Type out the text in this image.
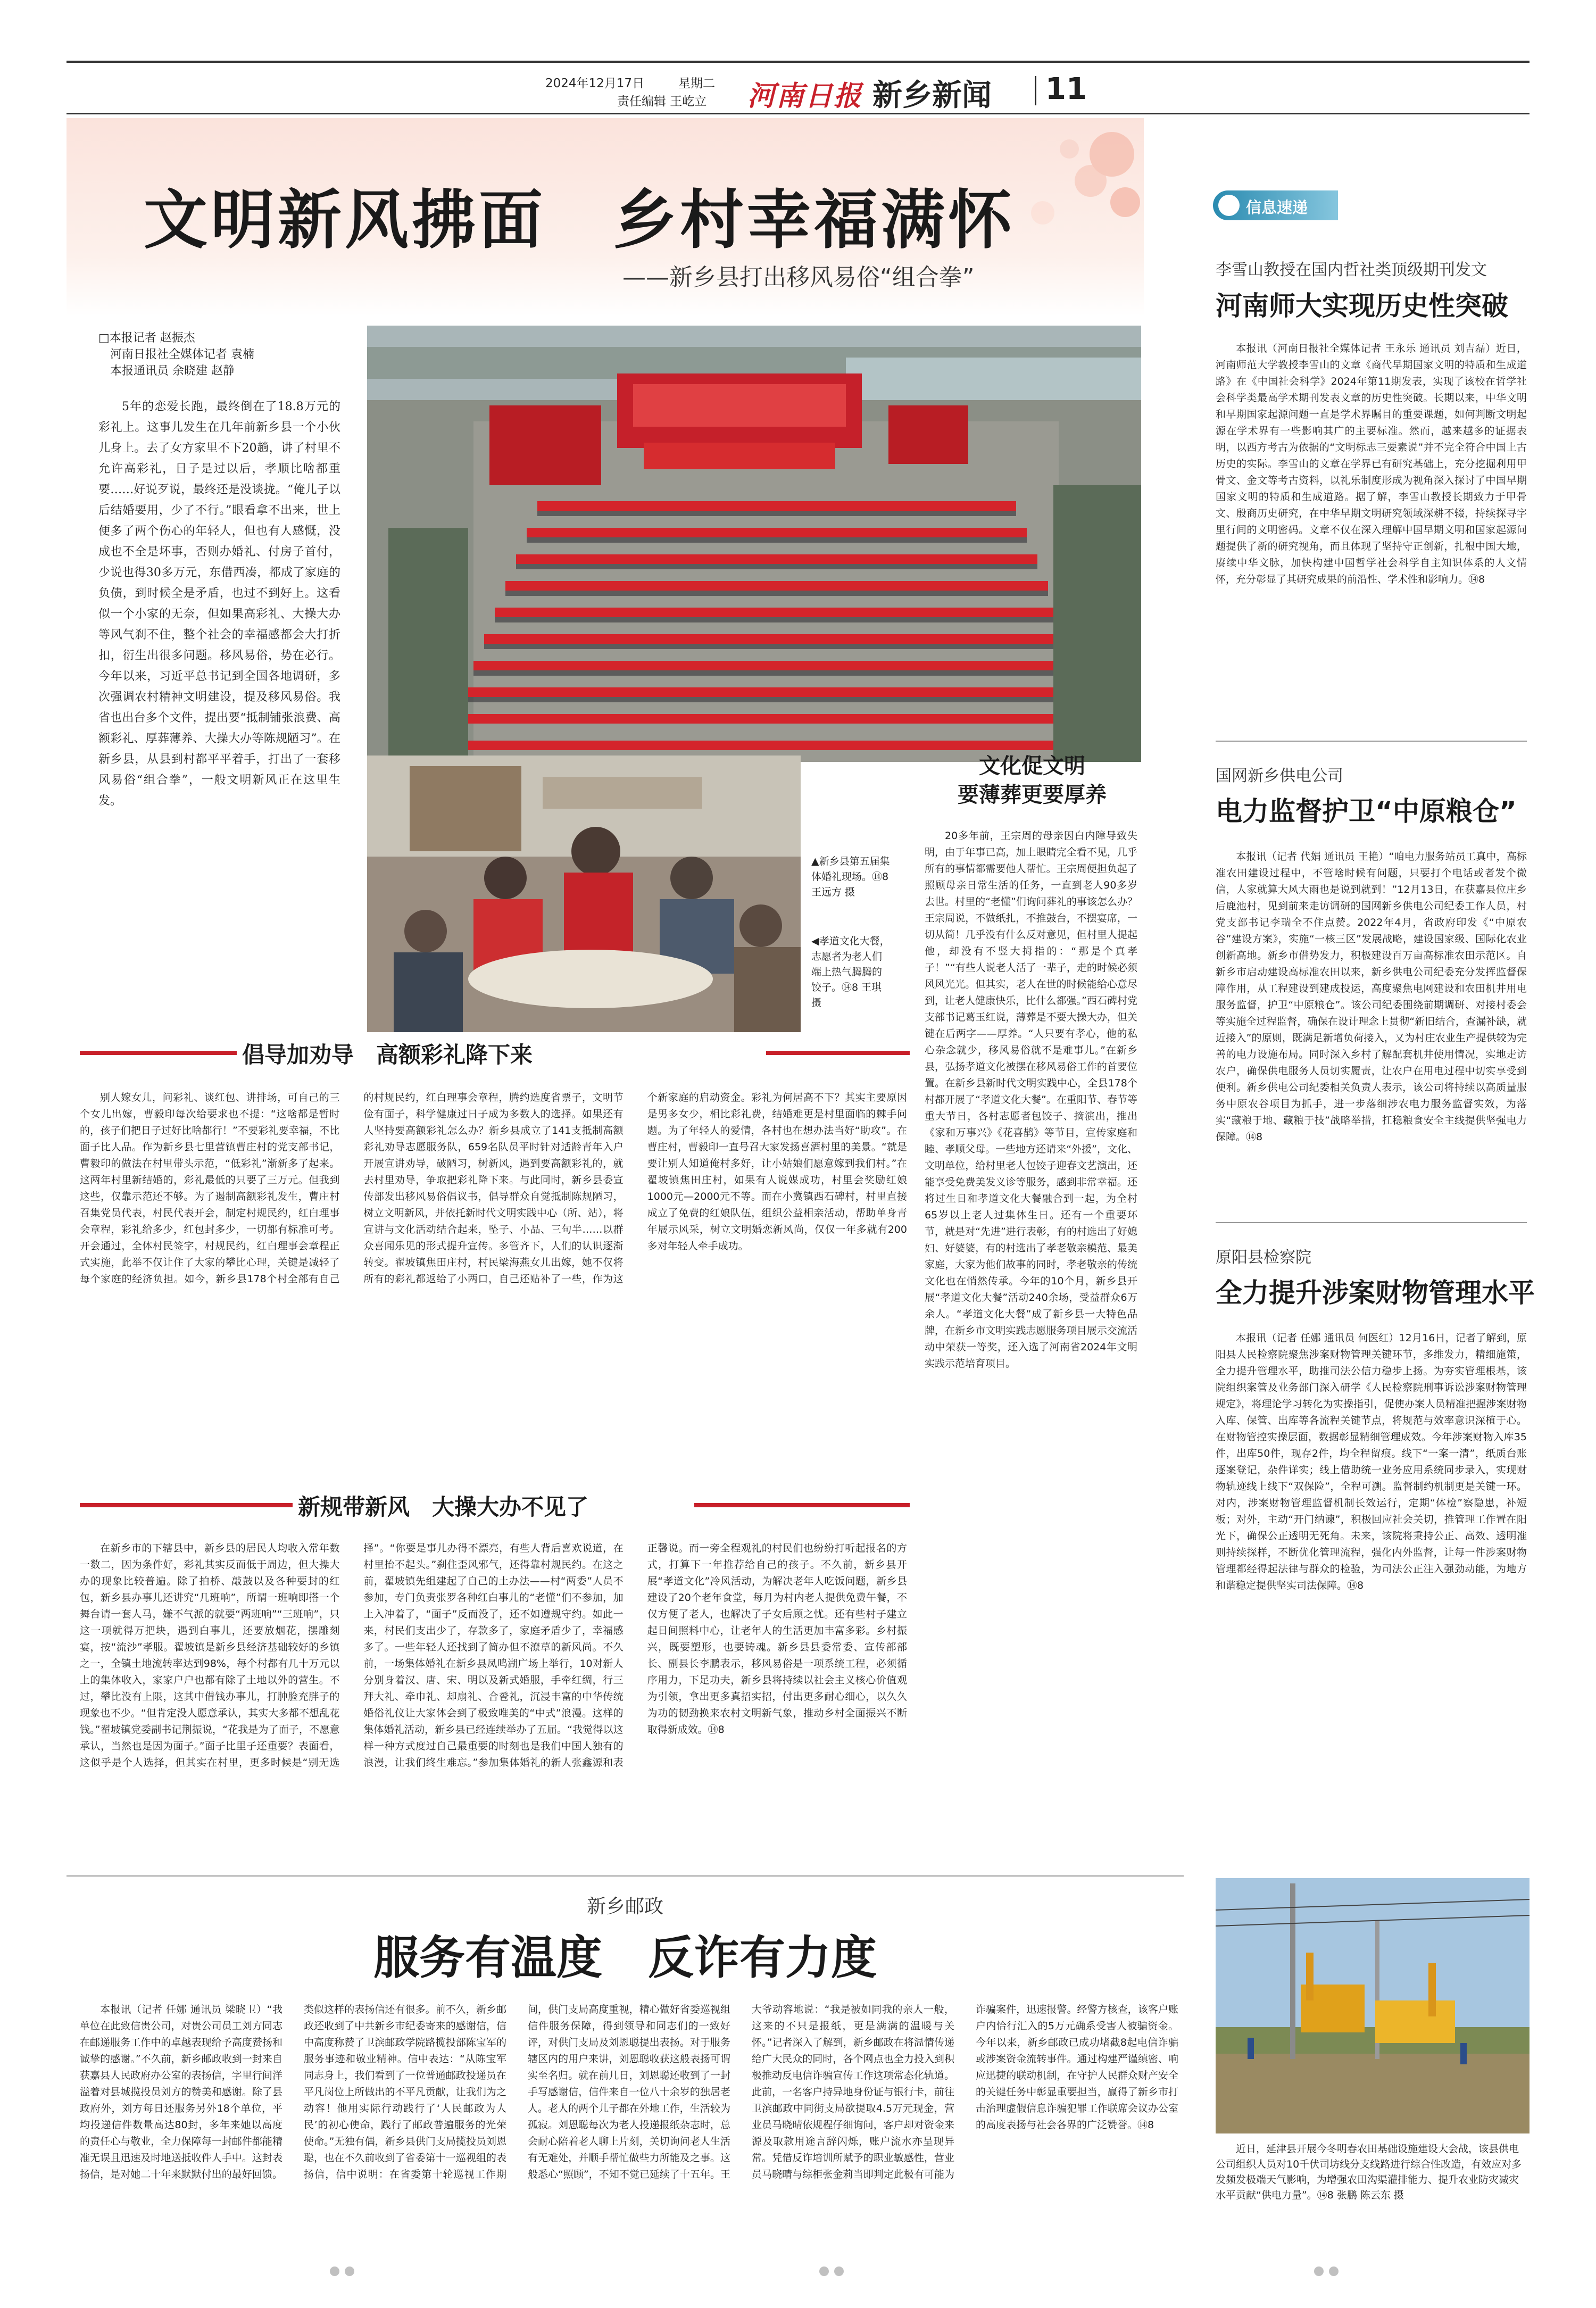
2024年12月17日	星期二
责任编辑 王屹立 河南日报 新乡新闻 11
文明新风拂面　乡村幸福满怀
——新乡县打出移风易俗“组合拳”
□本报记者 赵振杰
河南日报社全媒体记者 袁楠
本报通讯员 余晓建 赵静
5年的恋爱长跑，最终倒在了18.8万元的彩礼上。这事儿发生在几年前新乡县一个小伙儿身上。去了女方家里不下20趟，讲了村里不允许高彩礼，日子是过以后，孝顺比啥都重要……好说歹说，最终还是没谈拢。“俺儿子以后结婚要用，少了不行。”眼看拿不出来，世上便多了两个伤心的年轻人，但也有人感慨，没成也不全是坏事，否则办婚礼、付房子首付，少说也得30多万元，东借西凑，都成了家庭的负债，到时候全是矛盾，也过不到好上。这看似一个小家的无奈，但如果高彩礼、大操大办等风气刹不住，整个社会的幸福感都会大打折扣，衍生出很多问题。移风易俗，势在必行。今年以来，习近平总书记到全国各地调研，多次强调农村精神文明建设，提及移风易俗。我省也出台多个文件，提出要“抵制铺张浪费、高额彩礼、厚葬薄养、大操大办等陈规陋习”。在新乡县，从县到村都平平着手，打出了一套移风易俗“组合拳”，一般文明新风正在这里生发。
▲新乡县第五届集体婚礼现场。⑭8 王远方 摄
◀孝道文化大餐，志愿者为老人们端上热气腾腾的饺子。⑭8 王琪 摄
文化促文明
要薄葬更要厚养
20多年前，王宗周的母亲因白内障导致失明，由于年事已高，加上眼睛完全看不见，几乎所有的事情都需要他人帮忙。王宗周便担负起了照顾母亲日常生活的任务，一直到老人90多岁去世。村里的“老懂”们询问葬礼的事该怎么办？王宗周说，不做纸扎，不推鼓台，不摆宴席，一切从简！几乎没有什么反对意见，但村里人提起他，却没有不竖大拇指的：“那是个真孝子！”“有些人说老人活了一辈子，走的时候必须风风光光。但其实，老人在世的时候能给心意尽到，让老人健康快乐，比什么都强。”西石碑村党支部书记葛玉红说，薄葬是不要大操大办，但关键在后两字——厚养。“人只要有孝心，他的私心杂念就少，移风易俗就不是难事儿。”在新乡县，弘扬孝道文化被摆在移风易俗工作的首要位置。在新乡县新时代文明实践中心，全县178个村都开展了“孝道文化大餐”。在重阳节、春节等重大节日，各村志愿者包饺子、摘演出，推出《家和万事兴》《花喜鹊》等节目，宣传家庭和睦、孝顺父母。一些地方还请来“外援”，文化、文明单位，给村里老人包饺子迎春文艺演出，还能享受免费美发义诊等服务，感到非常幸福。还将过生日和孝道文化大餐融合到一起，为全村65岁以上老人过集体生日。还有一个重要环节，就是对“先进”进行表彰，有的村选出了好媳妇、好婆婆，有的村选出了孝老敬亲模范、最美家庭，大家为他们故事的同时，孝老敬亲的传统文化也在悄然传承。今年的10个月，新乡县开展“孝道文化大餐”活动240余场，受益群众6万余人。“孝道文化大餐”成了新乡县一大特色品牌，在新乡市文明实践志愿服务项目展示交流活动中荣获一等奖，还入选了河南省2024年文明实践示范培育项目。
倡导加劝导　高额彩礼降下来
别人嫁女儿，问彩礼、谈红包、讲排场，可自己的三个女儿出嫁，曹毅印每次给要求也不提：“这啥都是暂时的，孩子们把日子过好比啥都行！”不要彩礼要幸福，不比面子比人品。作为新乡县七里营镇曹庄村的党支部书记，曹毅印的做法在村里带头示范，“低彩礼”渐新多了起来。这两年村里新结婚的，彩礼最低的只要了三万元。但我到这些，仅靠示范还不够。为了遏制高额彩礼发生，曹庄村召集党员代表，村民代表开会，制定村规民约，红白理事会章程，彩礼给多少，红包封多少，一切都有标准可考。开会通过，全体村民签字，村规民约，红白理事会章程正式实施，此举不仅让住了大家的攀比心理，关键是减轻了每个家庭的经济负担。如今，新乡县178个村全部有自己的村规民约，红白理事会章程，腾约选度省票子，文明节俭有面子，科学健康过日子成为多数人的选择。如果还有人坚持要高额彩礼怎么办？新乡县成立了141支抵制高额彩礼劝导志愿服务队，659名队员平时针对适龄青年入户开展宣讲劝导，破陋习，树新风，遇到要高额彩礼的，就去村里劝导，争取把彩礼降下来。与此同时，新乡县委宣传部发出移风易俗倡议书，倡导群众自觉抵制陈规陋习，树立文明新风，并依托新时代文明实践中心（所、站），将宣讲与文化活动结合起来，坠子、小品、三句半……以群众喜闻乐见的形式提升宣传。多管齐下，人们的认识逐渐转变。翟坡镇焦田庄村，村民梁海燕女儿出嫁，她不仅将所有的彩礼都返给了小两口，自己还贴补了一些，作为这个新家庭的启动资金。彩礼为何居高不下？其实主要原因是男多女少，相比彩礼费，结婚难更是村里面临的棘手问题。为了年轻人的爱情，各村也在想办法当好“助攻”。在曹庄村，曹毅印一直号召大家发扬喜酒村里的美景。“就是要让别人知道俺村多好，让小姑娘们愿意嫁到我们村。”在翟坡镇焦田庄村，如果有人说媒成功，村里会奖励红娘1000元—2000元不等。而在小冀镇西石碑村，村里直接成立了免费的红娘队伍，组织公益相亲活动，帮助单身青年展示风采，树立文明婚恋新风尚，仅仅一年多就有200多对年轻人牵手成功。
新规带新风　大操大办不见了
在新乡市的下辖县中，新乡县的居民人均收入常年数一数二，因为条件好，彩礼其实反而低于周边，但大操大办的现象比较普遍。除了拍桥、敲鼓以及各种要封的红包，新乡县办事儿还讲究“几班响”，所谓一班响即搭一个舞台请一套人马，嫌不气派的就要“两班响”“三班响”，只这一项就得万把块，遇到白事儿，还要放烟花，摆雕刻宴，按“流沙”孝服。翟坡镇是新乡县经济基础较好的乡镇之一，全镇土地流转率达到98%，每个村都有几十万元以上的集体收入，家家户户也都有除了土地以外的营生。不过，攀比没有上限，这其中借钱办事儿，打肿脸充胖子的现象也不少。“但肯定没人愿意承认，其实大多都不想乱花钱。”翟坡镇党委副书记荆振说，“花我是为了面子，不愿意承认，当然也是因为面子。”面子比里子还重要？表面看，这似乎是个人选择，但其实在村里，更多时候是“别无选择”。“你要是事儿办得不漂亮，有些人背后喜欢说道，在村里抬不起头。”刹住歪风邪气，还得靠村规民约。在这之前，翟坡镇先组建起了自己的土办法——村“两委”人员不参加，专门负责张罗各种红白事儿的“老懂”们不参加，加上入冲着了，“面子”反而没了，还不如遵规守约。如此一来，村民们支出少了，存款多了，家庭矛盾少了，幸福感多了。一些年轻人还找到了简办但不潦草的新风尚。不久前，一场集体婚礼在新乡县凤鸣湖广场上举行，10对新人分别身着汉、唐、宋、明以及新式婚服，手牵红绸，行三拜大礼、牵巾礼、却扇礼、合卺礼，沉浸丰富的中华传统婚俗礼仪让大家体会到了极致唯美的“中式”浪漫。这样的集体婚礼活动，新乡县已经连续举办了五届。“我觉得以这样一种方式度过自己最重要的时刻也是我们中国人独有的浪漫，让我们终生难忘。”参加集体婚礼的新人张鑫源和表正馨说。而一旁全程观礼的村民们也纷纷打听起报名的方式，打算下一年推荐给自己的孩子。不久前，新乡县开展“孝道文化”冷风活动，为解决老年人吃饭问题，新乡县建设了20个老年食堂，每月为村内老人提供免费午餐，不仅方便了老人，也解决了子女后顾之忧。还有些村子建立起日间照料中心，让老年人的生活更加丰富多彩。乡村振兴，既要塑形，也要铸魂。新乡县县委常委、宣传部部长、副县长李鹏表示，移风易俗是一项系统工程，必须循序用力，下足功夫，新乡县将持续以社会主义核心价值观为引领，拿出更多真招实招，付出更多耐心细心，以久久为功的韧劲换来农村文明新气象，推动乡村全面振兴不断取得新成效。⑭8
信息速递
李雪山教授在国内哲社类顶级期刊发文
河南师大实现历史性突破
本报讯（河南日报社全媒体记者 王永乐 通讯员 刘吉磊）近日，河南师范大学教授李雪山的文章《商代早期国家文明的特质和生成道路》在《中国社会科学》2024年第11期发表，实现了该校在哲学社会科学类最高学术期刊发表文章的历史性突破。长期以来，中华文明和早期国家起源问题一直是学术界瞩目的重要课题，如何判断文明起源在学术界有一些影响其广的主要标准。然而，越来越多的证据表明，以西方考古为依据的“文明标志三要素说”并不完全符合中国上古历史的实际。李雪山的文章在学界已有研究基础上，充分挖掘利用甲骨文、金文等考古资料，以礼乐制度形成为视角深入探讨了中国早期国家文明的特质和生成道路。据了解，李雪山教授长期致力于甲骨文、殷商历史研究，在中华早期文明研究领域深耕不辍，持续探寻字里行间的文明密码。文章不仅在深入理解中国早期文明和国家起源问题提供了新的研究视角，而且体现了坚持守正创新，扎根中国大地，赓续中华文脉，加快构建中国哲学社会科学自主知识体系的人文情怀，充分彰显了其研究成果的前沿性、学术性和影响力。⑭8
国网新乡供电公司
电力监督护卫“中原粮仓”
本报讯（记者 代娟 通讯员 王艳）“咱电力服务站员工真中，高标准农田建设过程中，不管啥时候有问题，只要打个电话或者发个微信，人家就算大风大雨也是说到就到！”12月13日，在获嘉县位庄乡后鹿池村，见到前来走访调研的国网新乡供电公司纪委工作人员，村党支部书记李瑞全不住点赞。2022年4月，省政府印发《“中原农谷”建设方案》，实施“一核三区”发展战略，建设国家级、国际化农业创新高地。新乡市借势发力，积极建设百万亩高标准农田示范区。自新乡市启动建设高标准农田以来，新乡供电公司纪委充分发挥监督保障作用，从工程建设到建成投运，高度聚焦电网建设和农田机井用电服务监督，护卫“中原粮仓”。该公司纪委围绕前期调研、对接村委会等实施全过程监督，确保在设计理念上贯彻“新旧结合，查漏补缺，就近接入”的原则，既满足新增负荷接入，又为村庄农业生产提供较为完善的电力设施布局。同时深入乡村了解配套机井使用情况，实地走访农户，确保供电服务人员切实履责，让农户在用电过程中切实享受到便利。新乡供电公司纪委相关负责人表示，该公司将持续以高质量服务中原农谷项目为抓手，进一步落细涉农电力服务监督实效，为落实“藏粮于地、藏粮于技”战略举措，扛稳粮食安全主线提供坚强电力保障。⑭8
原阳县检察院
全力提升涉案财物管理水平
本报讯（记者 任娜 通讯员 何医红）12月16日，记者了解到，原阳县人民检察院聚焦涉案财物管理关键环节，多维发力，精细施策，全力提升管理水平，助推司法公信力稳步上扬。为夯实管理根基，该院组织案管及业务部门深入研学《人民检察院刑事诉讼涉案财物管理规定》，将理论学习转化为实操指引，促使办案人员精准把握涉案财物入库、保管、出库等各流程关键节点，将规范与效率意识深植于心。在财物管控实操层面，数据彰显精细管理成效。今年涉案财物入库35件，出库50件，现存2件，均全程留痕。线下“一案一清”，纸质台账逐案登记，杂件详实；线上借助统一业务应用系统同步录入，实现财物轨迹线上线下“双保险”，全程可溯。监督制约机制更是关键一环。对内，涉案财物管理监督机制长效运行，定期“体检”察隐患，补短板；对外，主动“开门纳谏”，积极回应社会关切，推管理工作置在阳光下，确保公正透明无死角。未来，该院将秉持公正、高效、透明准则持续探样，不断优化管理流程，强化内外监督，让每一件涉案财物管理都经得起法律与群众的检验，为司法公正注入强劲动能，为地方和谐稳定提供坚实司法保障。⑭8
近日，延津县开展今冬明春农田基础设施建设大会战，该县供电公司组织人员对10千伏司坊线分支线路进行综合性改造，有效应对多发频发极端天气影响，为增强农田沟渠灌排能力、提升农业防灾减灾水平贡献“供电力量”。⑭8 张鹏 陈云东 摄
新乡邮政
服务有温度　反诈有力度
本报讯（记者 任娜 通讯员 梁晓卫）“我单位在此致信贵公司，对贵公司员工刘方同志在邮递服务工作中的卓越表现给予高度赞扬和诚挚的感谢。”不久前，新乡邮政收到一封来自获嘉县人民政府办公室的表扬信，字里行间洋溢着对县城揽投员刘方的赞美和感谢。除了县政府外，刘方每日还服务另外18个单位，平均投递信件数量高达80封，多年来她以高度的责任心与敬业，全力保障每一封邮件都能精准无误且迅速及时地送抵收件人手中。这封表扬信，是对她二十年来默默付出的最好回馈。类似这样的表扬信还有很多。前不久，新乡邮政还收到了中共新乡市纪委寄来的感谢信，信中高度称赞了卫滨邮政学院路揽投部陈宝军的服务事迹和敬业精神。信中表达：“从陈宝军同志身上，我们看到了一位普通邮政投递员在平凡岗位上所做出的不平凡贡献，让我们为之动容！他用实际行动践行了‘人民邮政为人民’的初心使命，践行了邮政普遍服务的光荣使命。”无独有偶，新乡县供门支局揽投员刘恩聪，也在不久前收到了省委第十一巡视组的表扬信，信中说明：在省委第十轮巡视工作期间，供门支局高度重视，精心做好省委巡视组信件服务保障，得到领导和同志们的一致好评，对供门支局及刘恩聪提出表扬。对于服务辖区内的用户来讲，刘恩聪收获这般表扬可谓实至名归。就在前几日，刘恩聪还收到了一封手写感谢信，信件来自一位八十余岁的独居老人。老人的两个儿子都在外地工作，生活较为孤寂。刘恩聪每次为老人投递报纸杂志时，总会耐心陪着老人聊上片刻，关切询问老人生活有无难处，并顺手帮忙做些力所能及之事。这般悉心“照顾”，不知不觉已延续了十五年。王大爷动容地说：“我是被如同我的亲人一般，这来的不只是报纸，更是满满的温暖与关怀。”记者深入了解到，新乡邮政在将温情传递给广大民众的同时，各个网点也全力投入到积极推动反电信诈骗宣传工作这项常态化轨道。此前，一名客户持异地身份证与银行卡，前往卫滨邮政中同街支局欲提取4.5万元现金，营业员马晓晴依规程仔细询问，客户却对资金来源及取款用途言辞闪烁，账户流水亦呈现异常。凭借反诈培训所赋予的职业敏感性，营业员马晓晴与综柜张金莉当即判定此极有可能为诈骗案件，迅速报警。经警方核查，该客户账户内恰行汇入的5万元确系受害人被骗资金。今年以来，新乡邮政已成功堵截8起电信诈骗或涉案资金流转事件。通过构建严谨缜密、响应迅捷的联动机制，在守护人民群众财产安全的关键任务中彰显重要担当，赢得了新乡市打击治理虚假信息诈骗犯罪工作联席会议办公室的高度表扬与社会各界的广泛赞誉。⑭8
